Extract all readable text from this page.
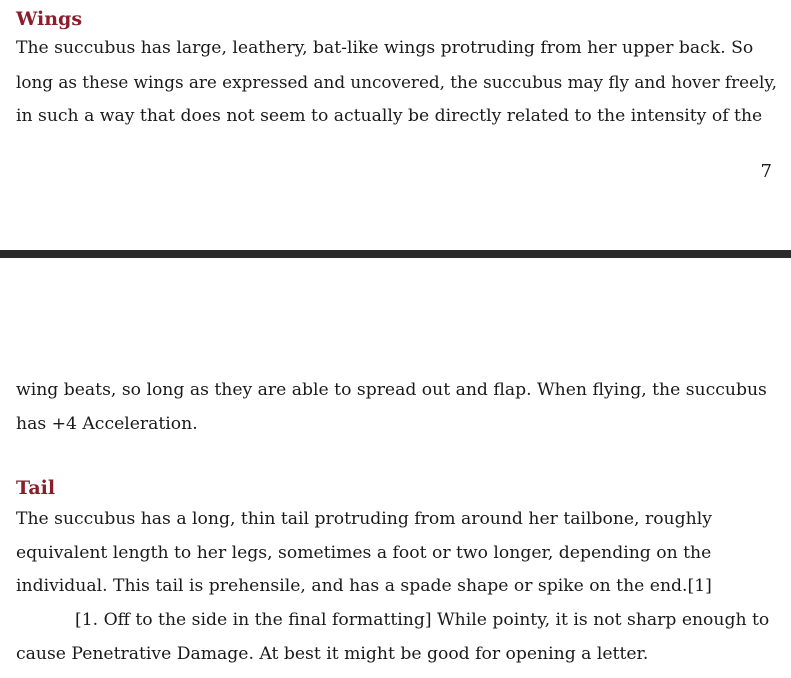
Wings

The succubus has large, leathery, bat-like wings protruding from her upper back. So

long as these wings are expressed and uncovered, the succubus may fly and hover freely,

in such a way that does not seem to actually be directly related to the intensity of the

7

wing beats, so long as they are able to spread out and flap. When flying, the succubus

has +4 Acceleration.

Tail

The succubus has a long, thin tail protruding from around her tailbone, roughly

equivalent length to her legs, sometimes a foot or two longer, depending on the

individual. This tail is prehensile, and has a spade shape or spike on the end.[1]

[1. Off to the side in the final formatting] While pointy, it is not sharp enough to

cause Penetrative Damage. At best it might be good for opening a letter.
